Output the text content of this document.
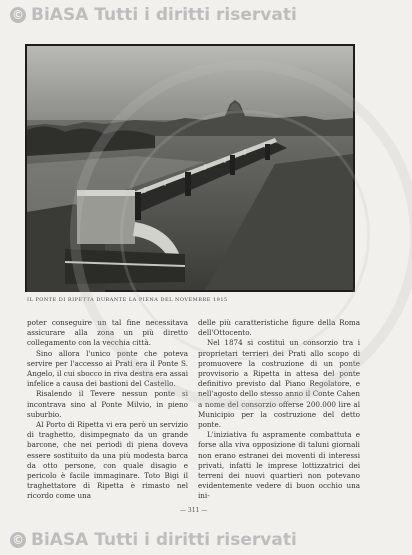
© BiASA Tutti i diritti riservati
IL PONTE DI RIPETTA DURANTE LA PIENA DEL NOVEMBRE 1915

poter conseguire un tal fine necessitava assicurare alla zona un più diretto collegamento con la vecchia città.

Sino allora l'unico ponte che poteva servire per l'accesso ai Prati era il Ponte S. Angelo, il cui sbocco in riva destra era assai infelice a causa dei bastioni del Castello.

Risalendo il Tevere nessun ponte si incontrava sino al Ponte Milvio, in pieno suburbio.

Al Porto di Ripetta vi era però un servizio di traghetto, disimpegnato da un grande barcone, che nei periodi di piena doveva essere sostituito da una più modesta barca da otto persone, con quale disagio e pericolo è facile immaginare. Toto Bigi il traghettatore di Ripetta è rimasto nel ricordo come una

delle più caratteristiche figure della Roma dell'Ottocento.

Nel 1874 si costituì un consorzio tra i proprietari terrieri dei Prati allo scopo di promuovere la costruzione di un ponte provvisorio a Ripetta in attesa del ponte definitivo previsto dal Piano Regolatore, e nell'agosto dello stesso anno il Conte Cahen a nome del consorzio offerse 200.000 lire al Municipio per la costruzione del detto ponte.

L'iniziativa fu aspramente combattuta e forse alla viva opposizione di taluni giornali non erano estranei dei moventi di interessi privati, infatti le imprese lottizzatrici dei terreni dei nuovi quartieri non potevano evidentemente vedere di buon occhio una ini-

— 311 —
© BiASA Tutti i diritti riservati
